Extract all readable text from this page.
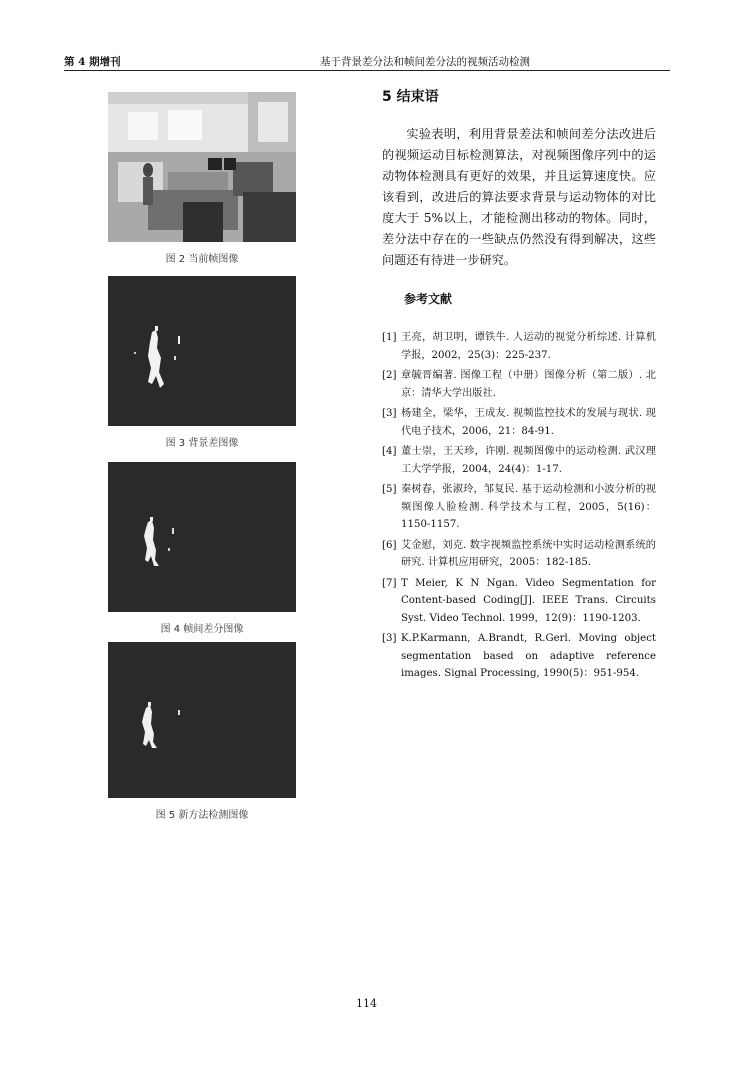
第 4 期增刊	基于背景差分法和帧间差分法的视频活动检测
图 2 当前帧图像
图 3 背景差图像
图 4 帧间差分图像
图 5 新方法检测图像
5 结束语
实验表明，利用背景差法和帧间差分法改进后的视频运动目标检测算法，对视频图像序列中的运动物体检测具有更好的效果，并且运算速度快。应该看到，改进后的算法要求背景与运动物体的对比度大于 5%以上，才能检测出移动的物体。同时，差分法中存在的一些缺点仍然没有得到解决，这些问题还有待进一步研究。
参考文献
[1] 王亮，胡卫明，谭铁牛. 人运动的视觉分析综述. 计算机学报，2002，25(3)：225-237.
[2] 章毓晋编著. 图像工程（中册）图像分析（第二版）. 北京：清华大学出版社.
[3] 杨建全，梁华，王成友. 视频监控技术的发展与现状. 现代电子技术，2006，21：84-91.
[4] 董士崇，王天珍，许刚. 视频图像中的运动检测. 武汉理工大学学报，2004，24(4)：1-17.
[5] 秦树春，张淑玲，邹复民. 基于运动检测和小波分析的视频图像人脸检测. 科学技术与工程，2005，5(16)：1150-1157.
[6] 艾金慰，刘克. 数字视频监控系统中实时运动检测系统的研究. 计算机应用研究，2005：182-185.
[7] T Meier, K N Ngan. Video Segmentation for Content-based Coding[J]. IEEE Trans. Circuits Syst. Video Technol. 1999，12(9)：1190-1203.
[3] K.P.Karmann, A.Brandt, R.Gerl. Moving object segmentation based on adaptive reference images. Signal Processing, 1990(5)：951-954.
114
